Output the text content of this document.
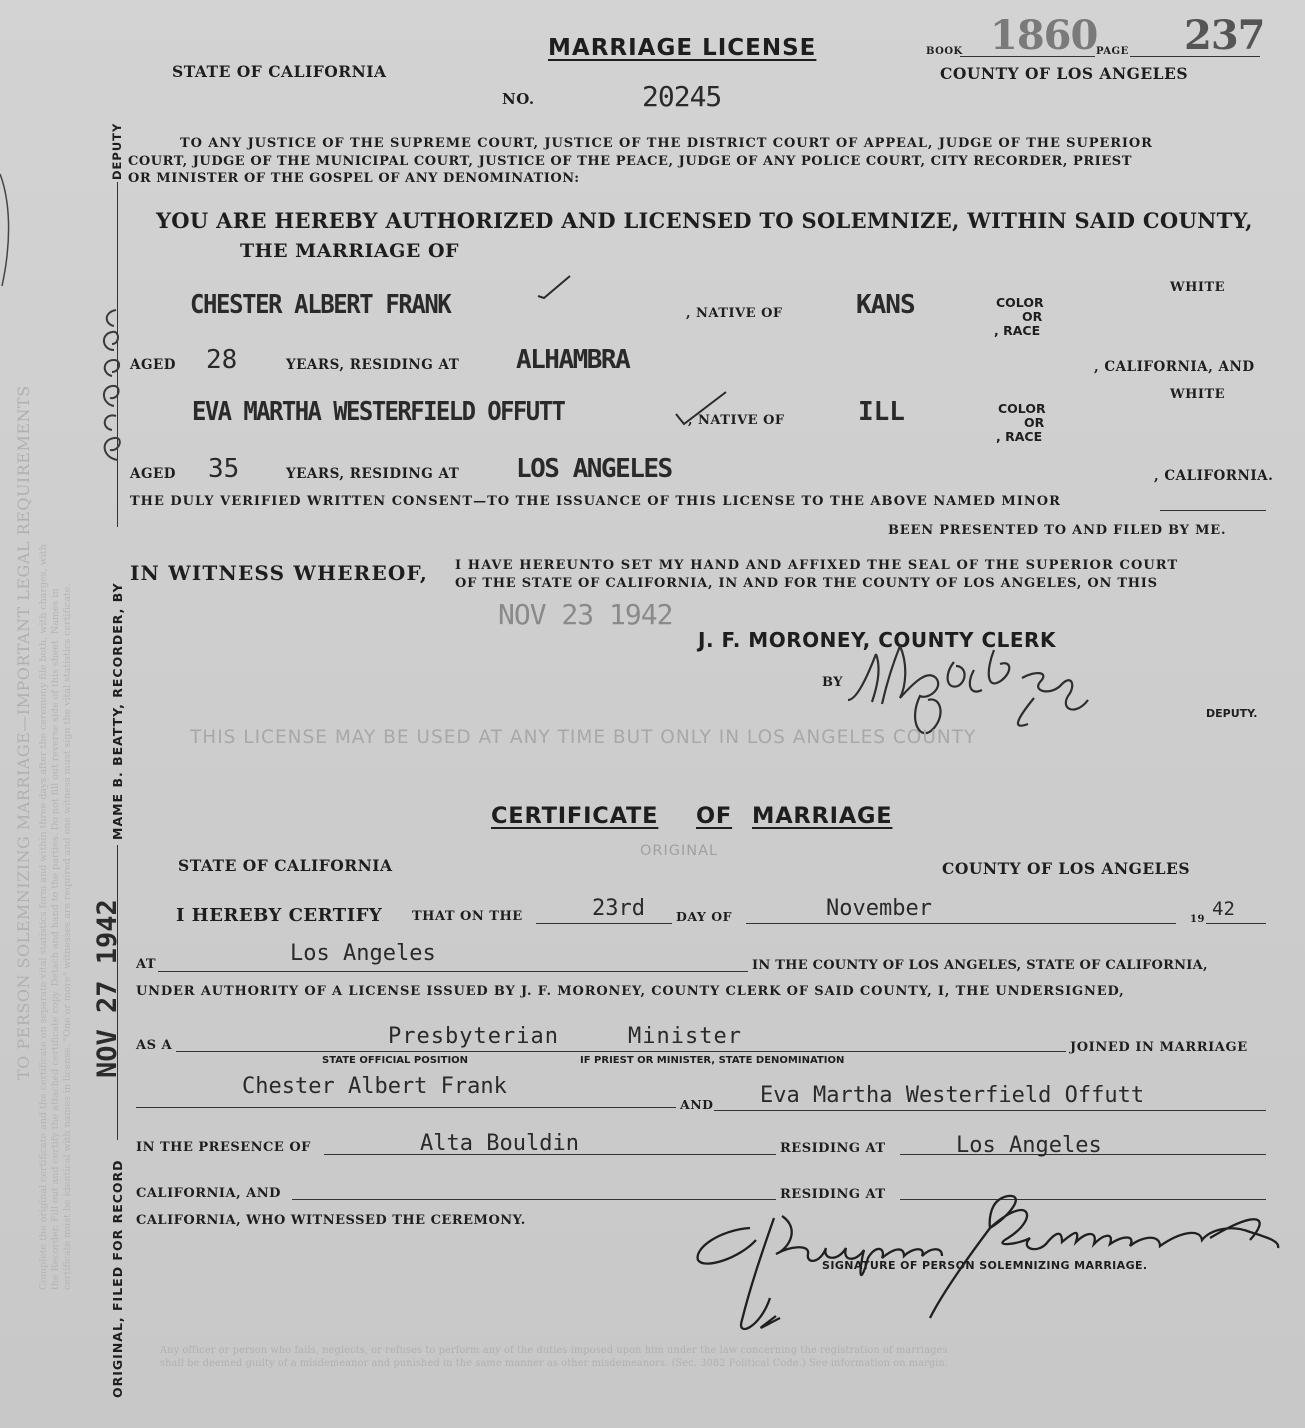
TO PERSON SOLEMNIZING MARRIAGE—IMPORTANT LEGAL REQUIREMENTS Complete the original certificate and the certificate on separate vital statistics form and within three days after the ceremony file both, with charges, with the Recorder. Fill out and certify the attached certificate copy. Detach and hand to the parties. Do not fill out reverse side of this sheet. Names in certificate must be identical with names in license. "One or more" witnesses are required and one witness must sign the vital statistics certificate.	ORIGINAL, FILED FOR RECORD
NOV 27 1942
MAME B. BEATTY, RECORDER, BY
DEPUTY
STATE OF CALIFORNIA
MARRIAGE LICENSE
NO.	20245
BOOK 1860
PAGE 237
COUNTY OF LOS ANGELES
TO ANY JUSTICE OF THE SUPREME COURT, JUSTICE OF THE DISTRICT COURT OF APPEAL, JUDGE OF THE SUPERIOR
COURT, JUDGE OF THE MUNICIPAL COURT, JUSTICE OF THE PEACE, JUDGE OF ANY POLICE COURT, CITY RECORDER, PRIEST
OR MINISTER OF THE GOSPEL OF ANY DENOMINATION:
YOU ARE HEREBY AUTHORIZED AND LICENSED TO SOLEMNIZE, WITHIN SAID COUNTY,
THE MARRIAGE OF
CHESTER ALBERT FRANK	, NATIVE OF	KANS	COLOR
OR
, RACE
WHITE
AGED 28	YEARS, RESIDING AT ALHAMBRA	, CALIFORNIA, AND
WHITE
EVA MARTHA WESTERFIELD OFFUTT	, NATIVE OF	ILL	COLOR
OR
, RACE
AGED 35	YEARS, RESIDING AT LOS ANGELES	, CALIFORNIA.
THE DULY VERIFIED WRITTEN CONSENT—TO THE ISSUANCE OF THIS LICENSE TO THE ABOVE NAMED MINOR
BEEN PRESENTED TO AND FILED BY ME.
IN WITNESS WHEREOF, I HAVE HEREUNTO SET MY HAND AND AFFIXED THE SEAL OF THE SUPERIOR COURT
OF THE STATE OF CALIFORNIA, IN AND FOR THE COUNTY OF LOS ANGELES, ON THIS
NOV 23 1942
J. F. MORONEY, COUNTY CLERK
BY
DEPUTY.
THIS LICENSE MAY BE USED AT ANY TIME BUT ONLY IN LOS ANGELES COUNTY
CERTIFICATE OF MARRIAGE
ORIGINAL
STATE OF CALIFORNIA	COUNTY OF LOS ANGELES
I HEREBY CERTIFY THAT ON THE	23rd DAY OF	November	19 42
AT	Los Angeles	IN THE COUNTY OF LOS ANGELES, STATE OF CALIFORNIA,
UNDER AUTHORITY OF A LICENSE ISSUED BY J. F. MORONEY, COUNTY CLERK OF SAID COUNTY, I, THE UNDERSIGNED,
AS A	Presbyterian	Minister	JOINED IN MARRIAGE
STATE OFFICIAL POSITION	IF PRIEST OR MINISTER, STATE DENOMINATION
Chester Albert Frank
AND Eva Martha Westerfield Offutt
IN THE PRESENCE OF	Alta Bouldin	RESIDING AT	Los Angeles
CALIFORNIA, AND	RESIDING AT
CALIFORNIA, WHO WITNESSED THE CEREMONY.
SIGNATURE OF PERSON SOLEMNIZING MARRIAGE.
Any officer or person who fails, neglects, or refuses to perform any of the duties imposed upon him under the law concerning the registration of marriages
shall be deemed guilty of a misdemeanor and punished in the same manner as other misdemeanors. (Sec. 3082 Political Code.) See information on margin.
